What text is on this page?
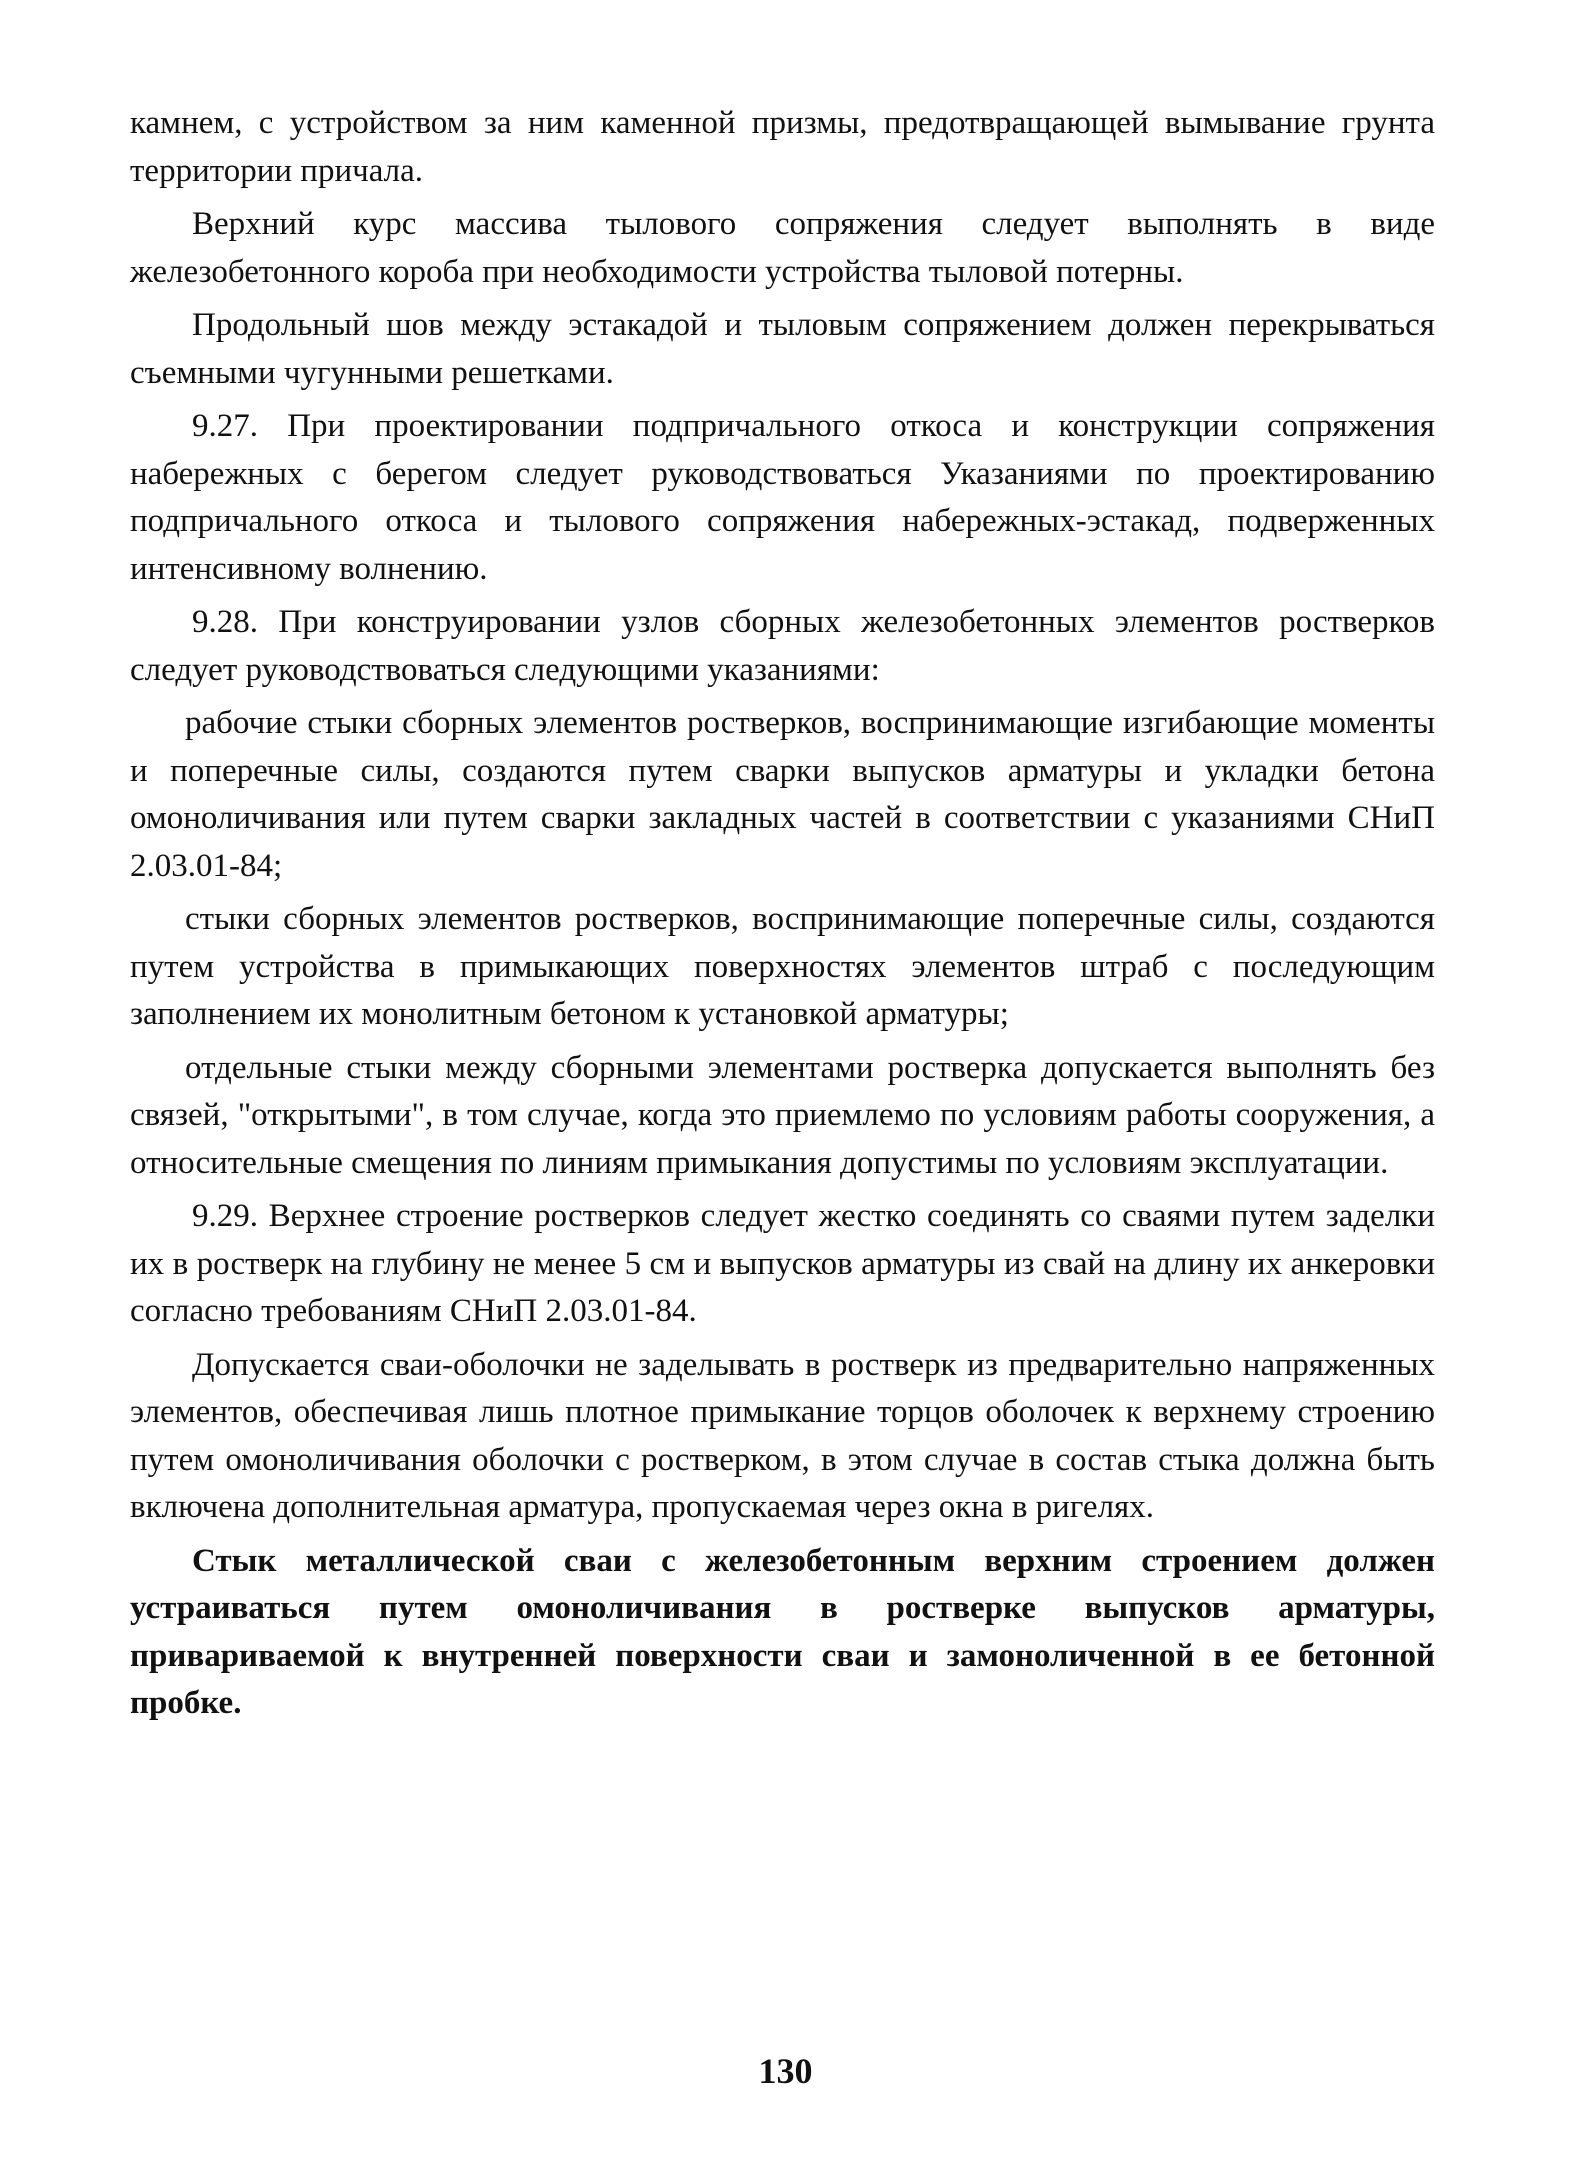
камнем, с устройством за ним каменной призмы, предотвращающей вымывание грунта территории причала.

Верхний курс массива тылового сопряжения следует выполнять в виде железобетонного короба при необходимости устройства тыловой потерны.

Продольный шов между эстакадой и тыловым сопряжением должен перекрываться съемными чугунными решетками.

9.27. При проектировании подпричального откоса и конструкции сопряжения набережных с берегом следует руководствоваться Указаниями по проектированию подпричального откоса и тылового сопряжения набережных-эстакад, подверженных интенсивному волнению.

9.28. При конструировании узлов сборных железобетонных элементов ростверков следует руководствоваться следующими указаниями:

рабочие стыки сборных элементов ростверков, воспринимающие изгибающие моменты и поперечные силы, создаются путем сварки выпусков арматуры и укладки бетона омоноличивания или путем сварки закладных частей в соответствии с указаниями СНиП 2.03.01-84;

стыки сборных элементов ростверков, воспринимающие поперечные силы, создаются путем устройства в примыкающих поверхностях элементов штраб с последующим заполнением их монолитным бетоном к установкой арматуры;

отдельные стыки между сборными элементами ростверка допускается выполнять без связей, "открытыми", в том случае, когда это приемлемо по условиям работы сооружения, а относительные смещения по линиям примыкания допустимы по условиям эксплуатации.

9.29. Верхнее строение ростверков следует жестко соединять со сваями путем заделки их в ростверк на глубину не менее 5 см и выпусков арматуры из свай на длину их анкеровки согласно требованиям СНиП 2.03.01-84.

Допускается сваи-оболочки не заделывать в ростверк из предварительно напряженных элементов, обеспечивая лишь плотное примыкание торцов оболочек к верхнему строению путем омоноличивания оболочки с ростверком, в этом случае в состав стыка должна быть включена дополнительная арматура, пропускаемая через окна в ригелях.

Стык металлической сваи с железобетонным верхним строением должен устраиваться путем омоноличивания в ростверке выпусков арматуры, привариваемой к внутренней поверхности сваи и замоноличенной в ее бетонной пробке.

130
